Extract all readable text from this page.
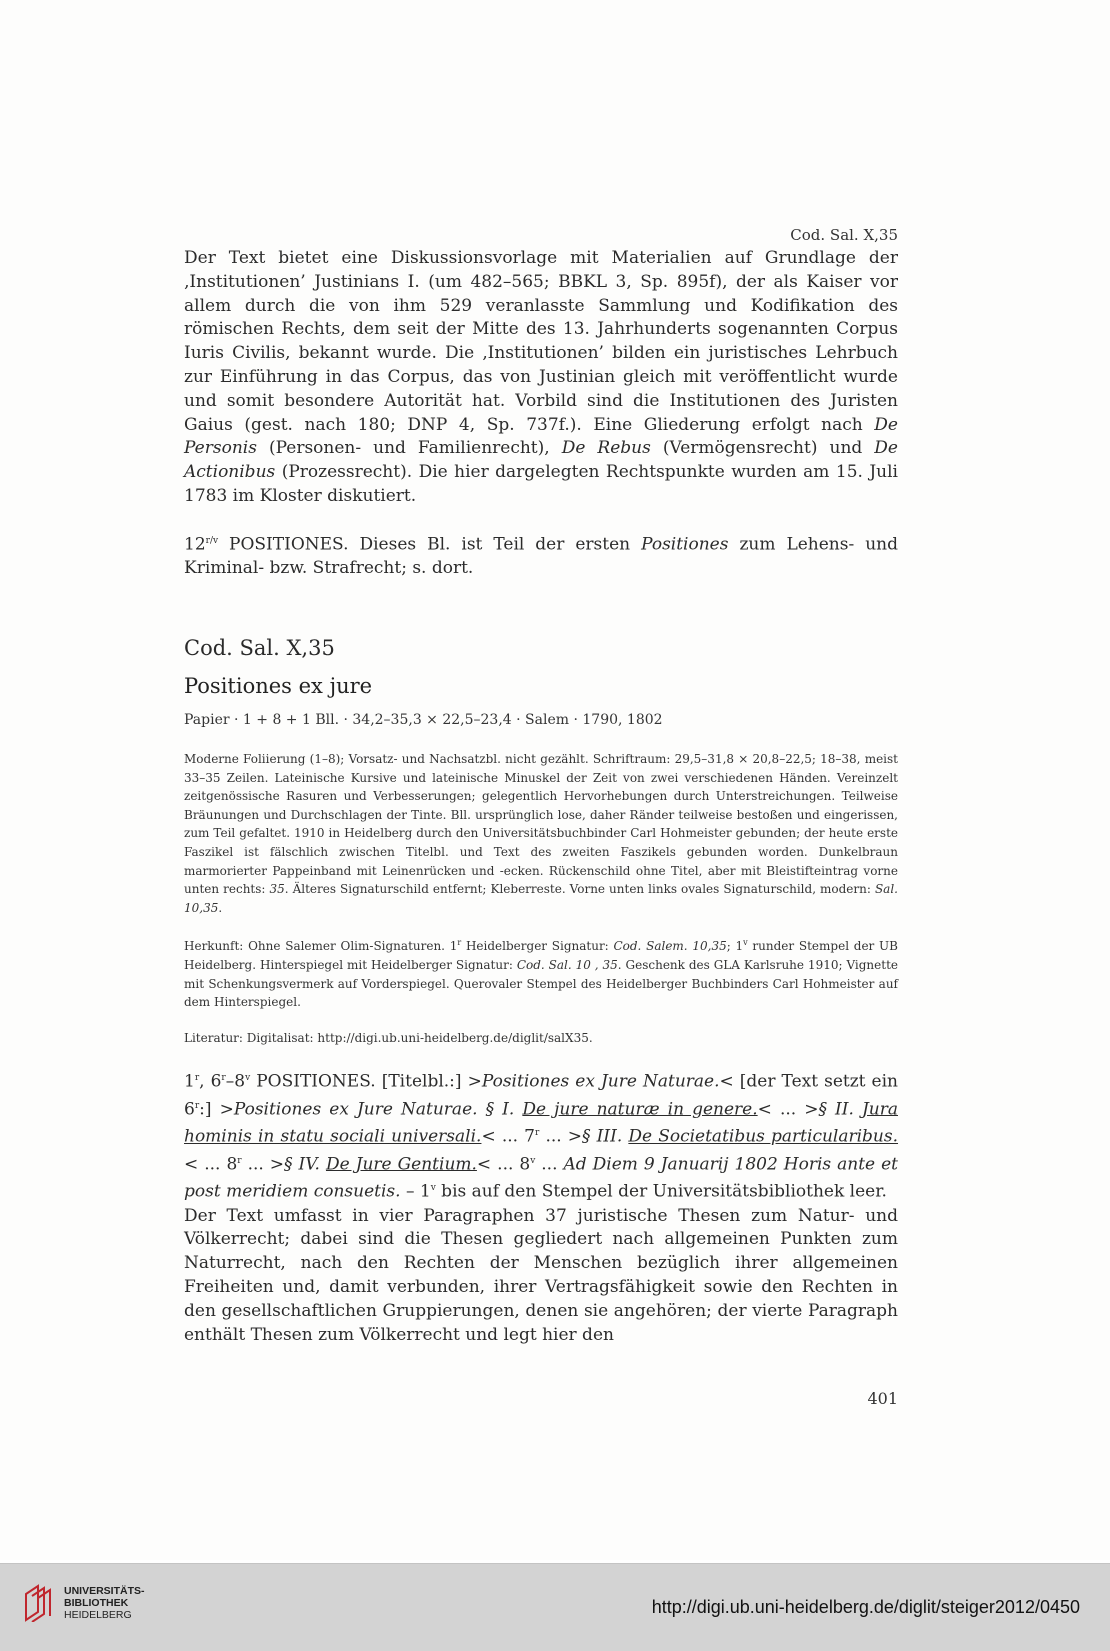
Cod. Sal. X,35

Der Text bietet eine Diskussionsvorlage mit Materialien auf Grundlage der ‚Institutionen’ Justinians I. (um 482–565; BBKL 3, Sp. 895f), der als Kaiser vor allem durch die von ihm 529 veranlasste Sammlung und Kodifikation des römischen Rechts, dem seit der Mitte des 13. Jahrhunderts sogenannten Corpus Iuris Civilis, bekannt wurde. Die ‚Institutionen’ bilden ein juristisches Lehrbuch zur Einführung in das Corpus, das von Justinian gleich mit veröffentlicht wurde und somit besondere Autorität hat. Vorbild sind die Institutionen des Juristen Gaius (gest. nach 180; DNP 4, Sp. 737f.). Eine Gliederung erfolgt nach De Personis (Personen- und Familienrecht), De Rebus (Vermögensrecht) und De Actionibus (Prozessrecht). Die hier dargelegten Rechtspunkte wurden am 15. Juli 1783 im Kloster diskutiert.

$12^{r/v}$ POSITIONES. Dieses Bl. ist Teil der ersten Positiones zum Lehens- und Kriminal- bzw. Strafrecht; s. dort.

Cod. Sal. X,35
Positiones ex jure

Papier · 1 + 8 + 1 Bll. · 34,2–35,3 × 22,5–23,4 · Salem · 1790, 1802

Moderne Foliierung (1–8); Vorsatz- und Nachsatzbl. nicht gezählt. Schriftraum: 29,5–31,8 × 20,8–22,5; 18–38, meist 33–35 Zeilen. Lateinische Kursive und lateinische Minuskel der Zeit von zwei verschiedenen Händen. Vereinzelt zeitgenössische Rasuren und Verbesserungen; gelegentlich Hervorhebungen durch Unterstreichungen. Teilweise Bräunungen und Durchschlagen der Tinte. Bll. ursprünglich lose, daher Ränder teilweise bestoßen und eingerissen, zum Teil gefaltet. 1910 in Heidelberg durch den Universitätsbuchbinder Carl Hohmeister gebunden; der heute erste Faszikel ist fälschlich zwischen Titelbl. und Text des zweiten Faszikels gebunden worden. Dunkelbraun marmorierter Pappeinband mit Leinenrücken und -ecken. Rückenschild ohne Titel, aber mit Bleistifteintrag vorne unten rechts: 35. Älteres Signaturschild entfernt; Kleberreste. Vorne unten links ovales Signaturschild, modern: Sal. 10,35.

Herkunft: Ohne Salemer Olim-Signaturen. 1$^r$ Heidelberger Signatur: Cod. Salem. 10,35; 1$^v$ runder Stempel der UB Heidelberg. Hinterspiegel mit Heidelberger Signatur: Cod. Sal. 10 , 35. Geschenk des GLA Karlsruhe 1910; Vignette mit Schenkungsvermerk auf Vorderspiegel. Querovaler Stempel des Heidelberger Buchbinders Carl Hohmeister auf dem Hinterspiegel.

Literatur: Digitalisat: http://digi.ub.uni-heidelberg.de/diglit/salX35.

1$^r$, 6$^r$–8$^v$ POSITIONES. [Titelbl.:] >Positiones ex Jure Naturae.< [der Text setzt ein $6^r$:] >Positiones ex Jure Naturae. § I. De jure naturæ in genere.< ... >§ II. Jura hominis in statu sociali universali.< ... 7$^r$ ... >§ III. De Societatibus particularibus.< ... 8$^r$ ... >§ IV. De Jure Gentium.< ... 8$^v$ ... Ad Diem 9 Januarij 1802 Horis ante et post meridiem consuetis. – 1$^v$ bis auf den Stempel der Universitätsbibliothek leer.

Der Text umfasst in vier Paragraphen 37 juristische Thesen zum Natur- und Völkerrecht; dabei sind die Thesen gegliedert nach allgemeinen Punkten zum Naturrecht, nach den Rechten der Menschen bezüglich ihrer allgemeinen Freiheiten und, damit verbunden, ihrer Vertragsfähigkeit sowie den Rechten in den gesellschaftlichen Gruppierungen, denen sie angehören; der vierte Paragraph enthält Thesen zum Völkerrecht und legt hier den

401
UNIVERSITÄTS-
BIBLIOTHEK
HEIDELBERG	http://digi.ub.uni-heidelberg.de/diglit/steiger2012/0450
